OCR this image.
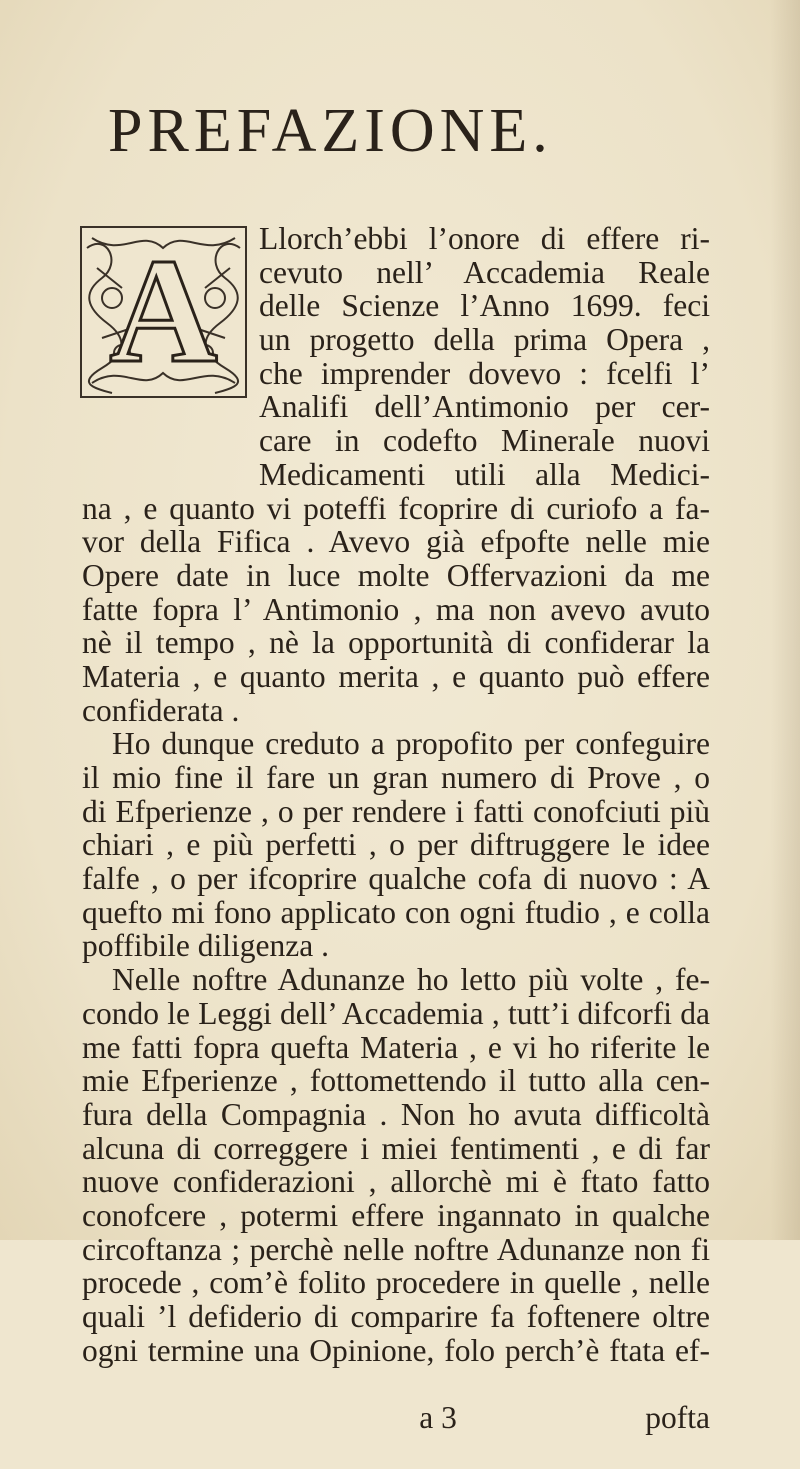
PREFAZIONE.
A	Llorch’ebbi l’onore di effere ri-
cevuto nell’ Accademia Reale
delle Scienze l’Anno 1699. feci
un progetto della prima Opera ,
che imprender dovevo : fcelfi l’
Analifi dell’Antimonio per cer-
care in codefto Minerale nuovi
Medicamenti utili alla Medici-
na , e quanto vi poteffi fcoprire di curiofo a fa-
vor della Fifica . Avevo già efpofte nelle mie
Opere date in luce molte Offervazioni da me
fatte fopra l’ Antimonio , ma non avevo avuto
nè il tempo , nè la opportunità di confiderar la
Materia , e quanto merita , e quanto può effere
confiderata .
Ho dunque creduto a propofito per confeguire
il mio fine il fare un gran numero di Prove , o
di Efperienze , o per rendere i fatti conofciuti più
chiari , e più perfetti , o per diftruggere le idee
falfe , o per ifcoprire qualche cofa di nuovo : A
quefto mi fono applicato con ogni ftudio , e colla
poffibile diligenza .
Nelle noftre Adunanze ho letto più volte , fe-
condo le Leggi dell’ Accademia , tutt’i difcorfi da
me fatti fopra quefta Materia , e vi ho riferite le
mie Efperienze , fottomettendo il tutto alla cen-
fura della Compagnia . Non ho avuta difficoltà
alcuna di correggere i miei fentimenti , e di far
nuove confiderazioni , allorchè mi è ftato fatto
conofcere , potermi effere ingannato in qualche
circoftanza ; perchè nelle noftre Adunanze non fi
procede , com’è folito procedere in quelle , nelle
quali ’l defiderio di comparire fa foftenere oltre
ogni termine una Opinione, folo perch’è ftata ef-

a 3	pofta
